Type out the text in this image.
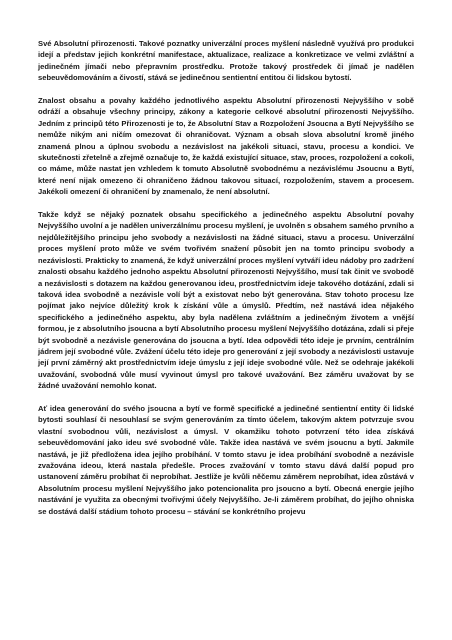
Své Absolutní přirozenosti. Takové poznatky univerzální proces myšlení následně využívá pro produkci idejí a představ jejich konkrétní manifestace, aktualizace, realizace a konkretizace ve velmi zvláštní a jedinečném jímači nebo přepravním prostředku. Protože takový prostředek či jímač je nadělen sebeuvědomováním a čivostí, stává se jedinečnou sentientní entitou či lidskou bytostí.

Znalost obsahu a povahy každého jednotlivého aspektu Absolutní přirozenosti Nejvyššího v sobě odráží a obsahuje všechny principy, zákony a kategorie celkové absolutní přirozenosti Nejvyššího. Jedním z principů této Přirozenosti je to, že Absolutní Stav a Rozpoložení Jsoucna a Bytí Nejvyššího se nemůže nikým ani ničím omezovat či ohraničovat. Význam a obsah slova absolutní kromě jiného znamená plnou a úplnou svobodu a nezávislost na jakékoli situaci, stavu, procesu a kondici. Ve skutečnosti zřetelně a zřejmě označuje to, že každá existující situace, stav, proces, rozpoložení a cokoli, co máme, může nastat jen vzhledem k tomuto Absolutně svobodnému a nezávislému Jsoucnu a Bytí, které není nijak omezeno či ohraničeno žádnou takovou situací, rozpoložením, stavem a procesem. Jakékoli omezení či ohraničení by znamenalo, že není absolutní.

Takže když se nějaký poznatek obsahu specifického a jedinečného aspektu Absolutní povahy Nejvyššího uvolní a je nadělen univerzálnímu procesu myšlení, je uvolněn s obsahem samého prvního a nejdůležitějšího principu jeho svobody a nezávislosti na žádné situaci, stavu a procesu. Univerzální proces myšlení proto může ve svém tvořivém snažení působit jen na tomto principu svobody a nezávislosti. Prakticky to znamená, že když univerzální proces myšlení vytváří ideu nádoby pro zadržení znalosti obsahu každého jednoho aspektu Absolutní přirozenosti Nejvyššího, musí tak činit ve svobodě a nezávislosti s dotazem na každou generovanou ideu, prostřednictvím ideje takového dotázání, zdali si taková idea svobodně a nezávisle volí být a existovat nebo být generována. Stav tohoto procesu lze pojímat jako nejvíce důležitý krok k získání vůle a úmyslů. Předtím, než nastává idea nějakého specifického a jedinečného aspektu, aby byla nadělena zvláštním a jedinečným životem a vnější formou, je z absolutního jsoucna a bytí Absolutního procesu myšlení Nejvyššího dotázána, zdali si přeje být svobodně a nezávisle generována do jsoucna a bytí. Idea odpovědi této ideje je prvním, centrálním jádrem její svobodné vůle. Zvážení účelu této ideje pro generování z její svobody a nezávislosti ustavuje její první záměrný akt prostřednictvím ideje úmyslu z její ideje svobodné vůle. Než se odehraje jakékoli uvažování, svobodná vůle musí vyvinout úmysl pro takové uvažování. Bez záměru uvažovat by se žádné uvažování nemohlo konat.

Ať idea generování do svého jsoucna a bytí ve formě specifické a jedinečné sentientní entity či lidské bytosti souhlasí či nesouhlasí se svým generováním za tímto účelem, takovým aktem potvrzuje svou vlastní svobodnou vůli, nezávislost a úmysl. V okamžiku tohoto potvrzení této idea získává sebeuvědomování jako ideu své svobodné vůle. Takže idea nastává ve svém jsoucnu a bytí. Jakmile nastává, je již předložena idea jejího probíhání. V tomto stavu je idea probíhání svobodně a nezávisle zvažována ideou, která nastala předešle. Proces zvažování v tomto stavu dává další popud pro ustanovení záměru probíhat či neprobíhat. Jestliže je kvůli něčemu záměrem neprobíhat, idea zůstává v Absolutním procesu myšlení Nejvyššího jako potencionalita pro jsoucno a bytí. Obecná energie jejího nastávání je využita za obecnými tvořivými účely Nejvyššího. Je-li záměrem probíhat, do jejího ohniska se dostává další stádium tohoto procesu – stávání se konkrétního projevu
